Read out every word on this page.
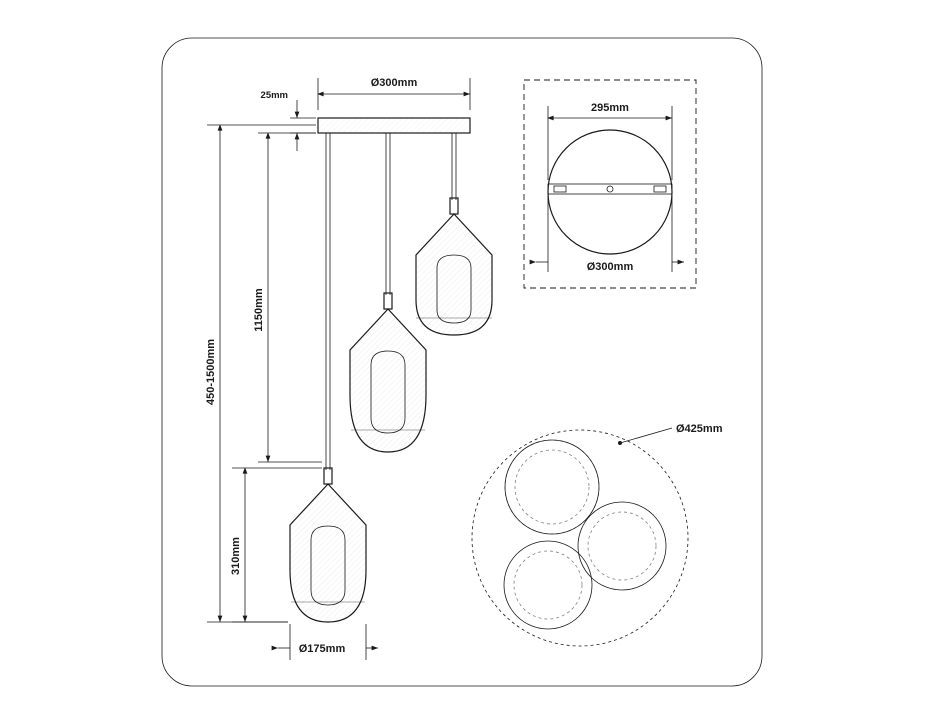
Ø300mm
25mm
450-1500mm
1150mm
310mm
Ø175mm
295mm
Ø300mm
Ø425mm
